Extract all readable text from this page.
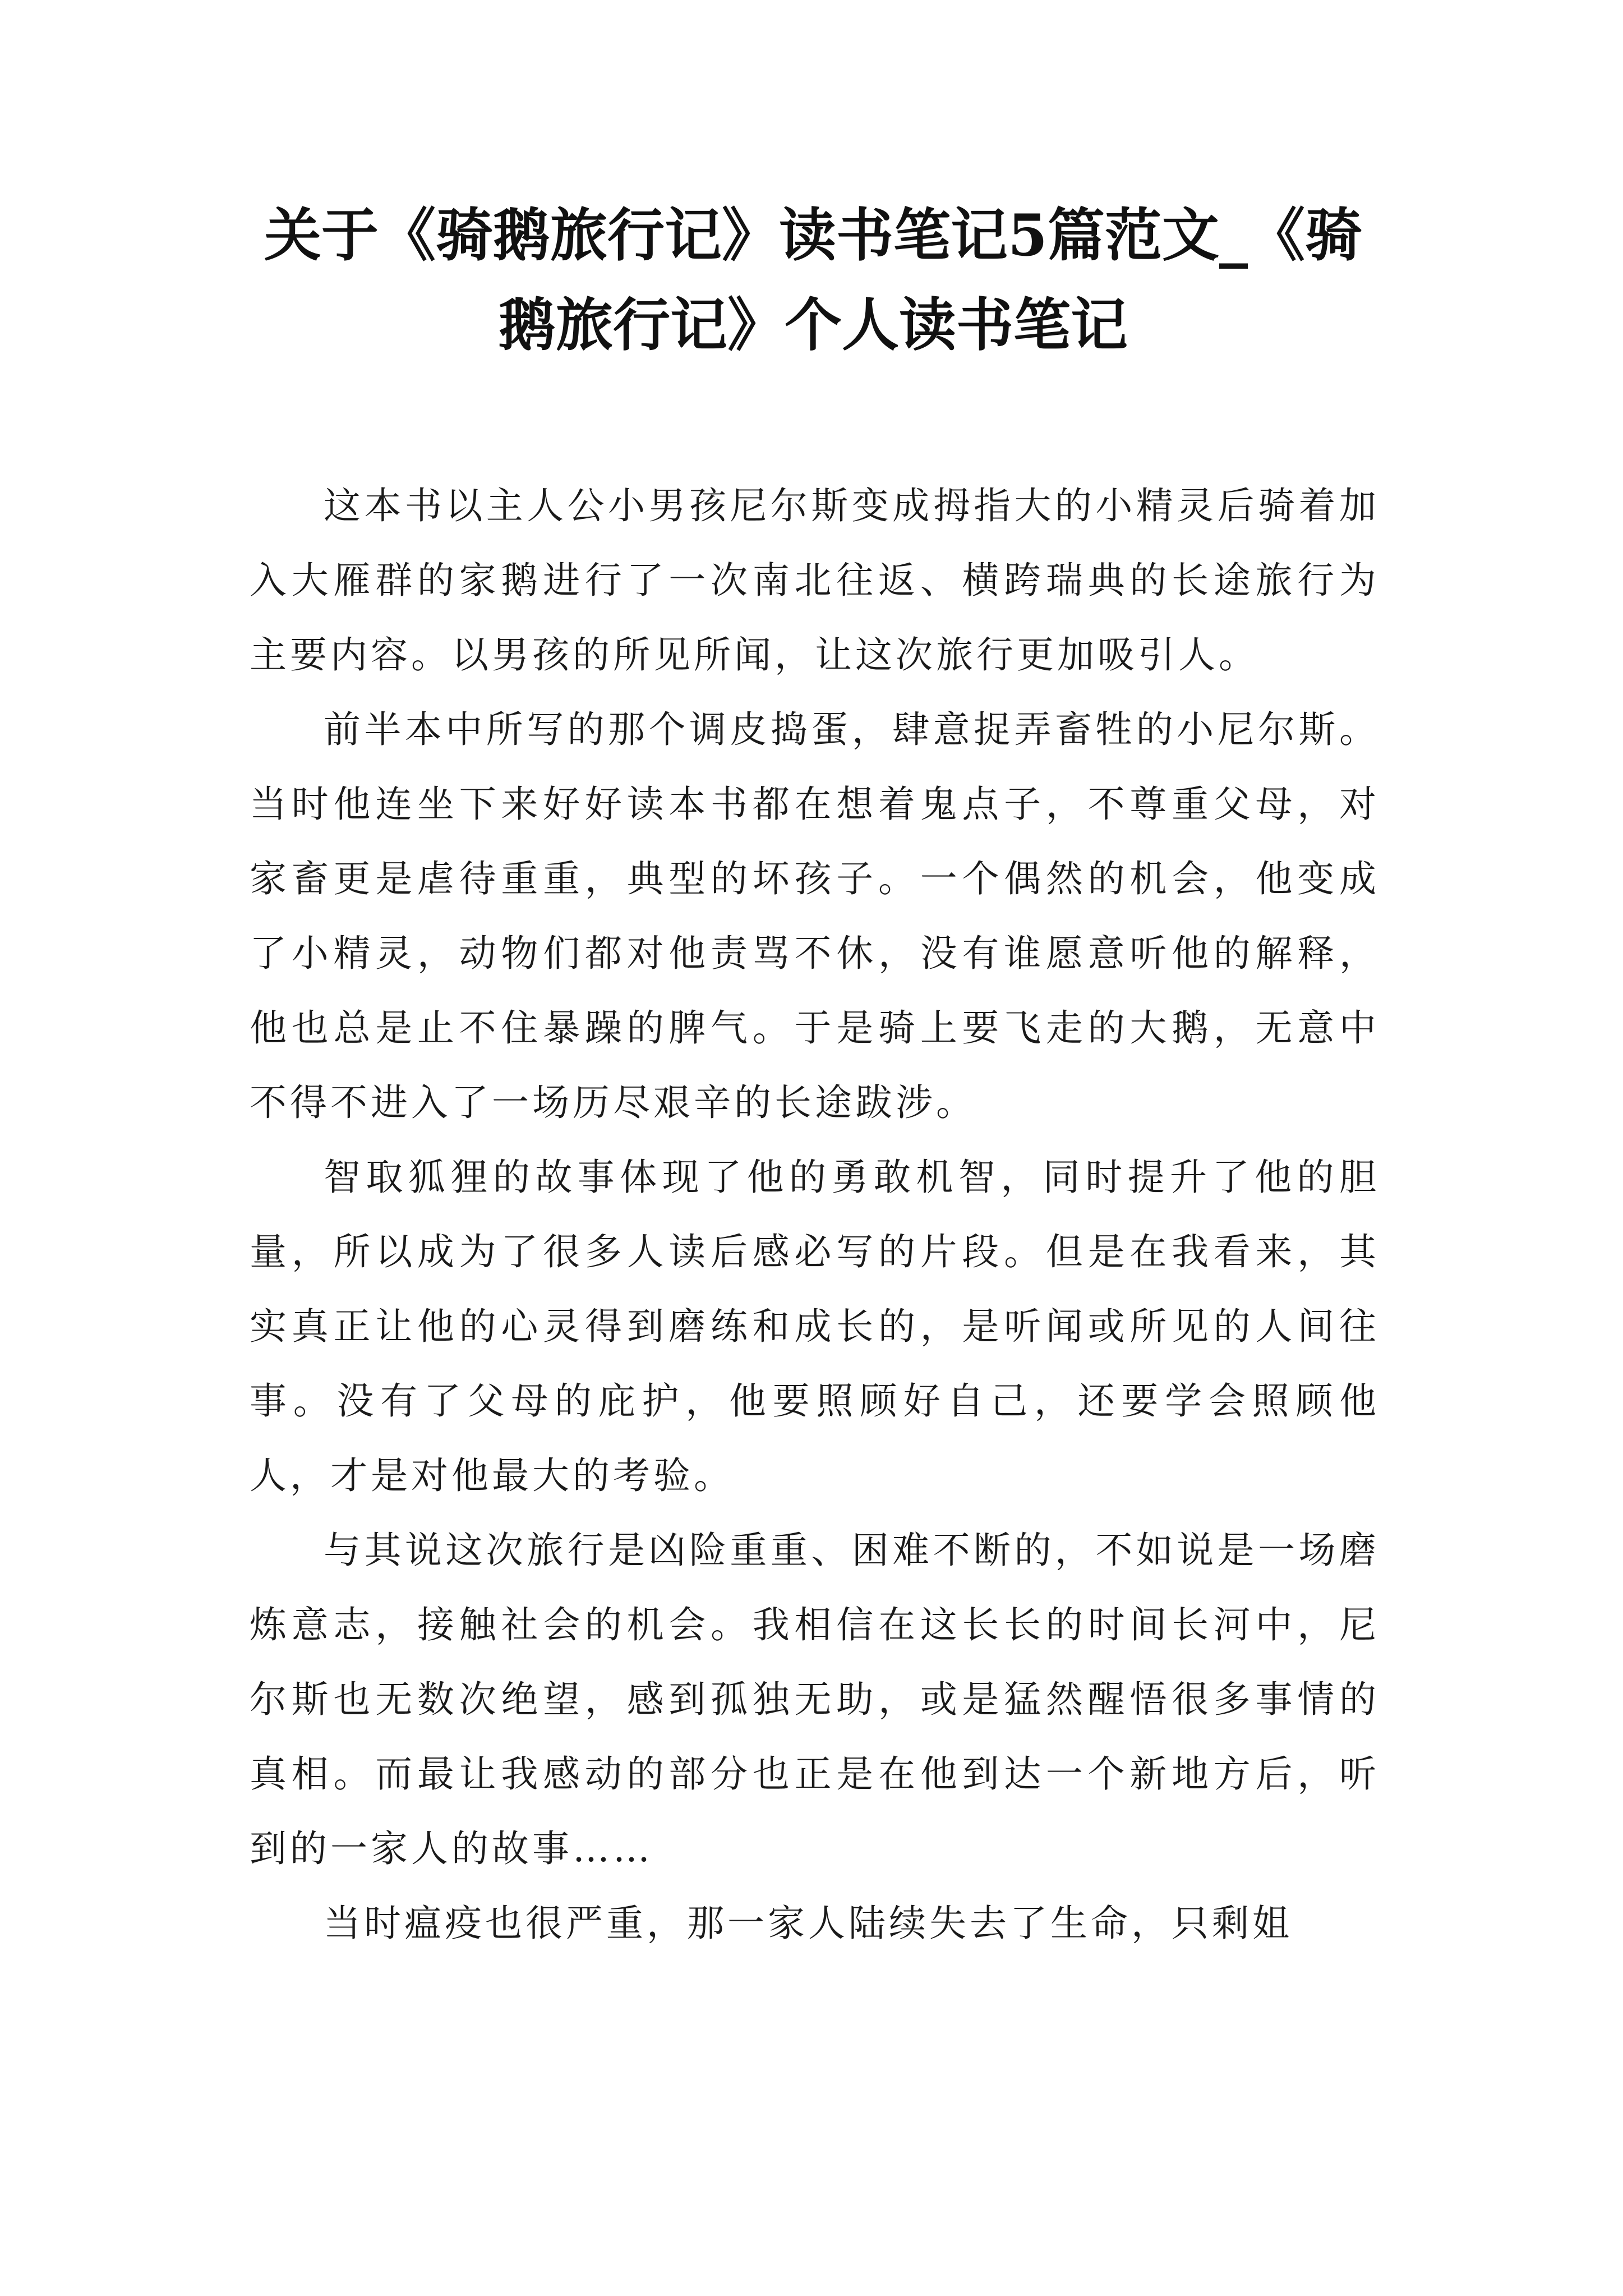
关于《骑鹅旅行记》读书笔记5篇范文_《骑鹅旅行记》个人读书笔记

这本书以主人公小男孩尼尔斯变成拇指大的小精灵后骑着加入大雁群的家鹅进行了一次南北往返、横跨瑞典的长途旅行为主要内容。以男孩的所见所闻，让这次旅行更加吸引人。

前半本中所写的那个调皮捣蛋，肆意捉弄畜牲的小尼尔斯。当时他连坐下来好好读本书都在想着鬼点子，不尊重父母，对家畜更是虐待重重，典型的坏孩子。一个偶然的机会，他变成了小精灵，动物们都对他责骂不休，没有谁愿意听他的解释，他也总是止不住暴躁的脾气。于是骑上要飞走的大鹅，无意中不得不进入了一场历尽艰辛的长途跋涉。

智取狐狸的故事体现了他的勇敢机智，同时提升了他的胆量，所以成为了很多人读后感必写的片段。但是在我看来，其实真正让他的心灵得到磨练和成长的，是听闻或所见的人间往事。没有了父母的庇护，他要照顾好自己，还要学会照顾他人，才是对他最大的考验。

与其说这次旅行是凶险重重、困难不断的，不如说是一场磨炼意志，接触社会的机会。我相信在这长长的时间长河中，尼尔斯也无数次绝望，感到孤独无助，或是猛然醒悟很多事情的真相。而最让我感动的部分也正是在他到达一个新地方后，听到的一家人的故事……

当时瘟疫也很严重，那一家人陆续失去了生命，只剩姐
